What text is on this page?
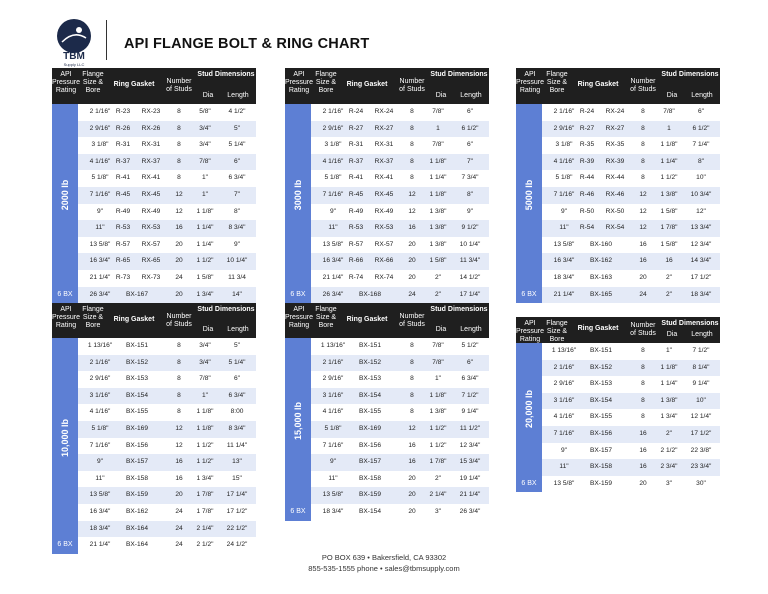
TBM
Supply LLC
API FLANGE BOLT & RING CHART
API Pressure Rating
Flange Size & Bore
Ring Gasket	Number of Studs
Stud Dimensions
Dia	Length
2000 lb
6 BX
2 1/16" R-23	RX-23	8	5/8"	4 1/2"
2 9/16" R-26	RX-26	8	3/4"	5"
3 1/8"	R-31	RX-31	8	3/4"	5 1/4"
4 1/16" R-37	RX-37	8	7/8"	6"
5 1/8"	R-41	RX-41	8	1"	6 3/4"
7 1/16" R-45	RX-45	12	1"	7"
9"	R-49	RX-49	12	1 1/8"	8"
11"	R-53	RX-53	16	1 1/4"	8 3/4"
13 5/8" R-57	RX-57	20	1 1/4"	9"
16 3/4" R-65	RX-65	20	1 1/2"	10 1/4"
21 1/4" R-73	RX-73	24	1 5/8"	11 3/4
26 3/4"	BX-167	20	1 3/4"	14"
API Pressure Rating
Flange Size & Bore
Ring Gasket	Number of Studs
Stud Dimensions
Dia	Length
3000 lb
6 BX
2 1/16" R-24	RX-24	8	7/8"	6"
2 9/16" R-27	RX-27	8	1	6 1/2"
3 1/8"	R-31	RX-31	8	7/8"	6"
4 1/16" R-37	RX-37	8	1 1/8"	7"
5 1/8"	R-41	RX-41	8	1 1/4"	7 3/4"
7 1/16" R-45	RX-45	12	1 1/8"	8"
9"	R-49	RX-49	12	1 3/8"	9"
11"	R-53	RX-53	16	1 3/8"	9 1/2"
13 5/8" R-57	RX-57	20	1 3/8"	10 1/4"
16 3/4" R-66	RX-66	20	1 5/8"	11 3/4"
21 1/4" R-74	RX-74	20	2"	14 1/2"
26 3/4"	BX-168	24	2"	17 1/4"
API Pressure Rating
Flange Size & Bore
Ring Gasket	Number of Studs
Stud Dimensions
Dia	Length
5000 lb
6 BX
2 1/16" R-24	RX-24	8	7/8"	6"
2 9/16" R-27	RX-27	8	1	6 1/2"
3 1/8"	R-35	RX-35	8	1 1/8"	7 1/4"
4 1/16" R-39	RX-39	8	1 1/4"	8"
5 1/8"	R-44	RX-44	8	1 1/2"	10"
7 1/16" R-46	RX-46	12	1 3/8"	10 3/4"
9"	R-50	RX-50	12	1 5/8"	12"
11"	R-54	RX-54	12	1 7/8"	13 3/4"
13 5/8"	BX-160	16	1 5/8"	12 3/4"
16 3/4"	BX-162	16	16	14 3/4"
18 3/4"	BX-163	20	2"	17 1/2"
21 1/4"	BX-165	24	2"	18 3/4"
API Pressure Rating
Flange Size & Bore
Ring Gasket	Number of Studs
Stud Dimensions
Dia	Length
10,000 lb
6 BX
1 13/16"	BX-151	8	3/4"	5"
2 1/16"	BX-152	8	3/4"	5 1/4"
2 9/16"	BX-153	8	7/8"	6"
3 1/16"	BX-154	8	1"	6 3/4"
4 1/16"	BX-155	8	1 1/8"	8:00
5 1/8"	BX-169	12	1 1/8"	8 3/4"
7 1/16"	BX-156	12	1 1/2"	11 1/4"
9"	BX-157	16	1 1/2"	13"
11"	BX-158	16	1 3/4"	15"
13 5/8"	BX-159	20	1 7/8"	17 1/4"
16 3/4"	BX-162	24	1 7/8"	17 1/2"
18 3/4"	BX-164	24	2 1/4"	22 1/2"
21 1/4"	BX-164	24	2 1/2"	24 1/2"
API Pressure Rating
Flange Size & Bore
Ring Gasket	Number of Studs
Stud Dimensions
Dia	Length
15,000 lb
6 BX
1 13/16"	BX-151	8	7/8"	5 1/2"
2 1/16"	BX-152	8	7/8"	6"
2 9/16"	BX-153	8	1"	6 3/4"
3 1/16"	BX-154	8	1 1/8"	7 1/2"
4 1/16"	BX-155	8	1 3/8"	9 1/4"
5 1/8"	BX-169	12	1 1/2"	11 1/2"
7 1/16"	BX-156	16	1 1/2"	12 3/4"
9"	BX-157	16	1 7/8"	15 3/4"
11"	BX-158	20	2"	19 1/4"
13 5/8"	BX-159	20	2 1/4"	21 1/4"
18 3/4"	BX-154	20	3"	26 3/4"
API Pressure Rating
Flange Size & Bore
Ring Gasket	Number of Studs
Stud Dimensions
Dia	Length
20,000 lb
6 BX
1 13/16"	BX-151	8	1"	7 1/2"
2 1/16"	BX-152	8	1 1/8"	8 1/4"
2 9/16"	BX-153	8	1 1/4"	9 1/4"
3 1/16"	BX-154	8	1 3/8"	10"
4 1/16"	BX-155	8	1 3/4"	12 1/4"
7 1/16"	BX-156	16	2"	17 1/2"
9"	BX-157	16	2 1/2"	22 3/8"
11"	BX-158	16	2 3/4"	23 3/4"
13 5/8"	BX-159	20	3"	30"
PO BOX 639 • Bakersfield, CA 93302
855-535-1555 phone • sales@tbmsupply.com
